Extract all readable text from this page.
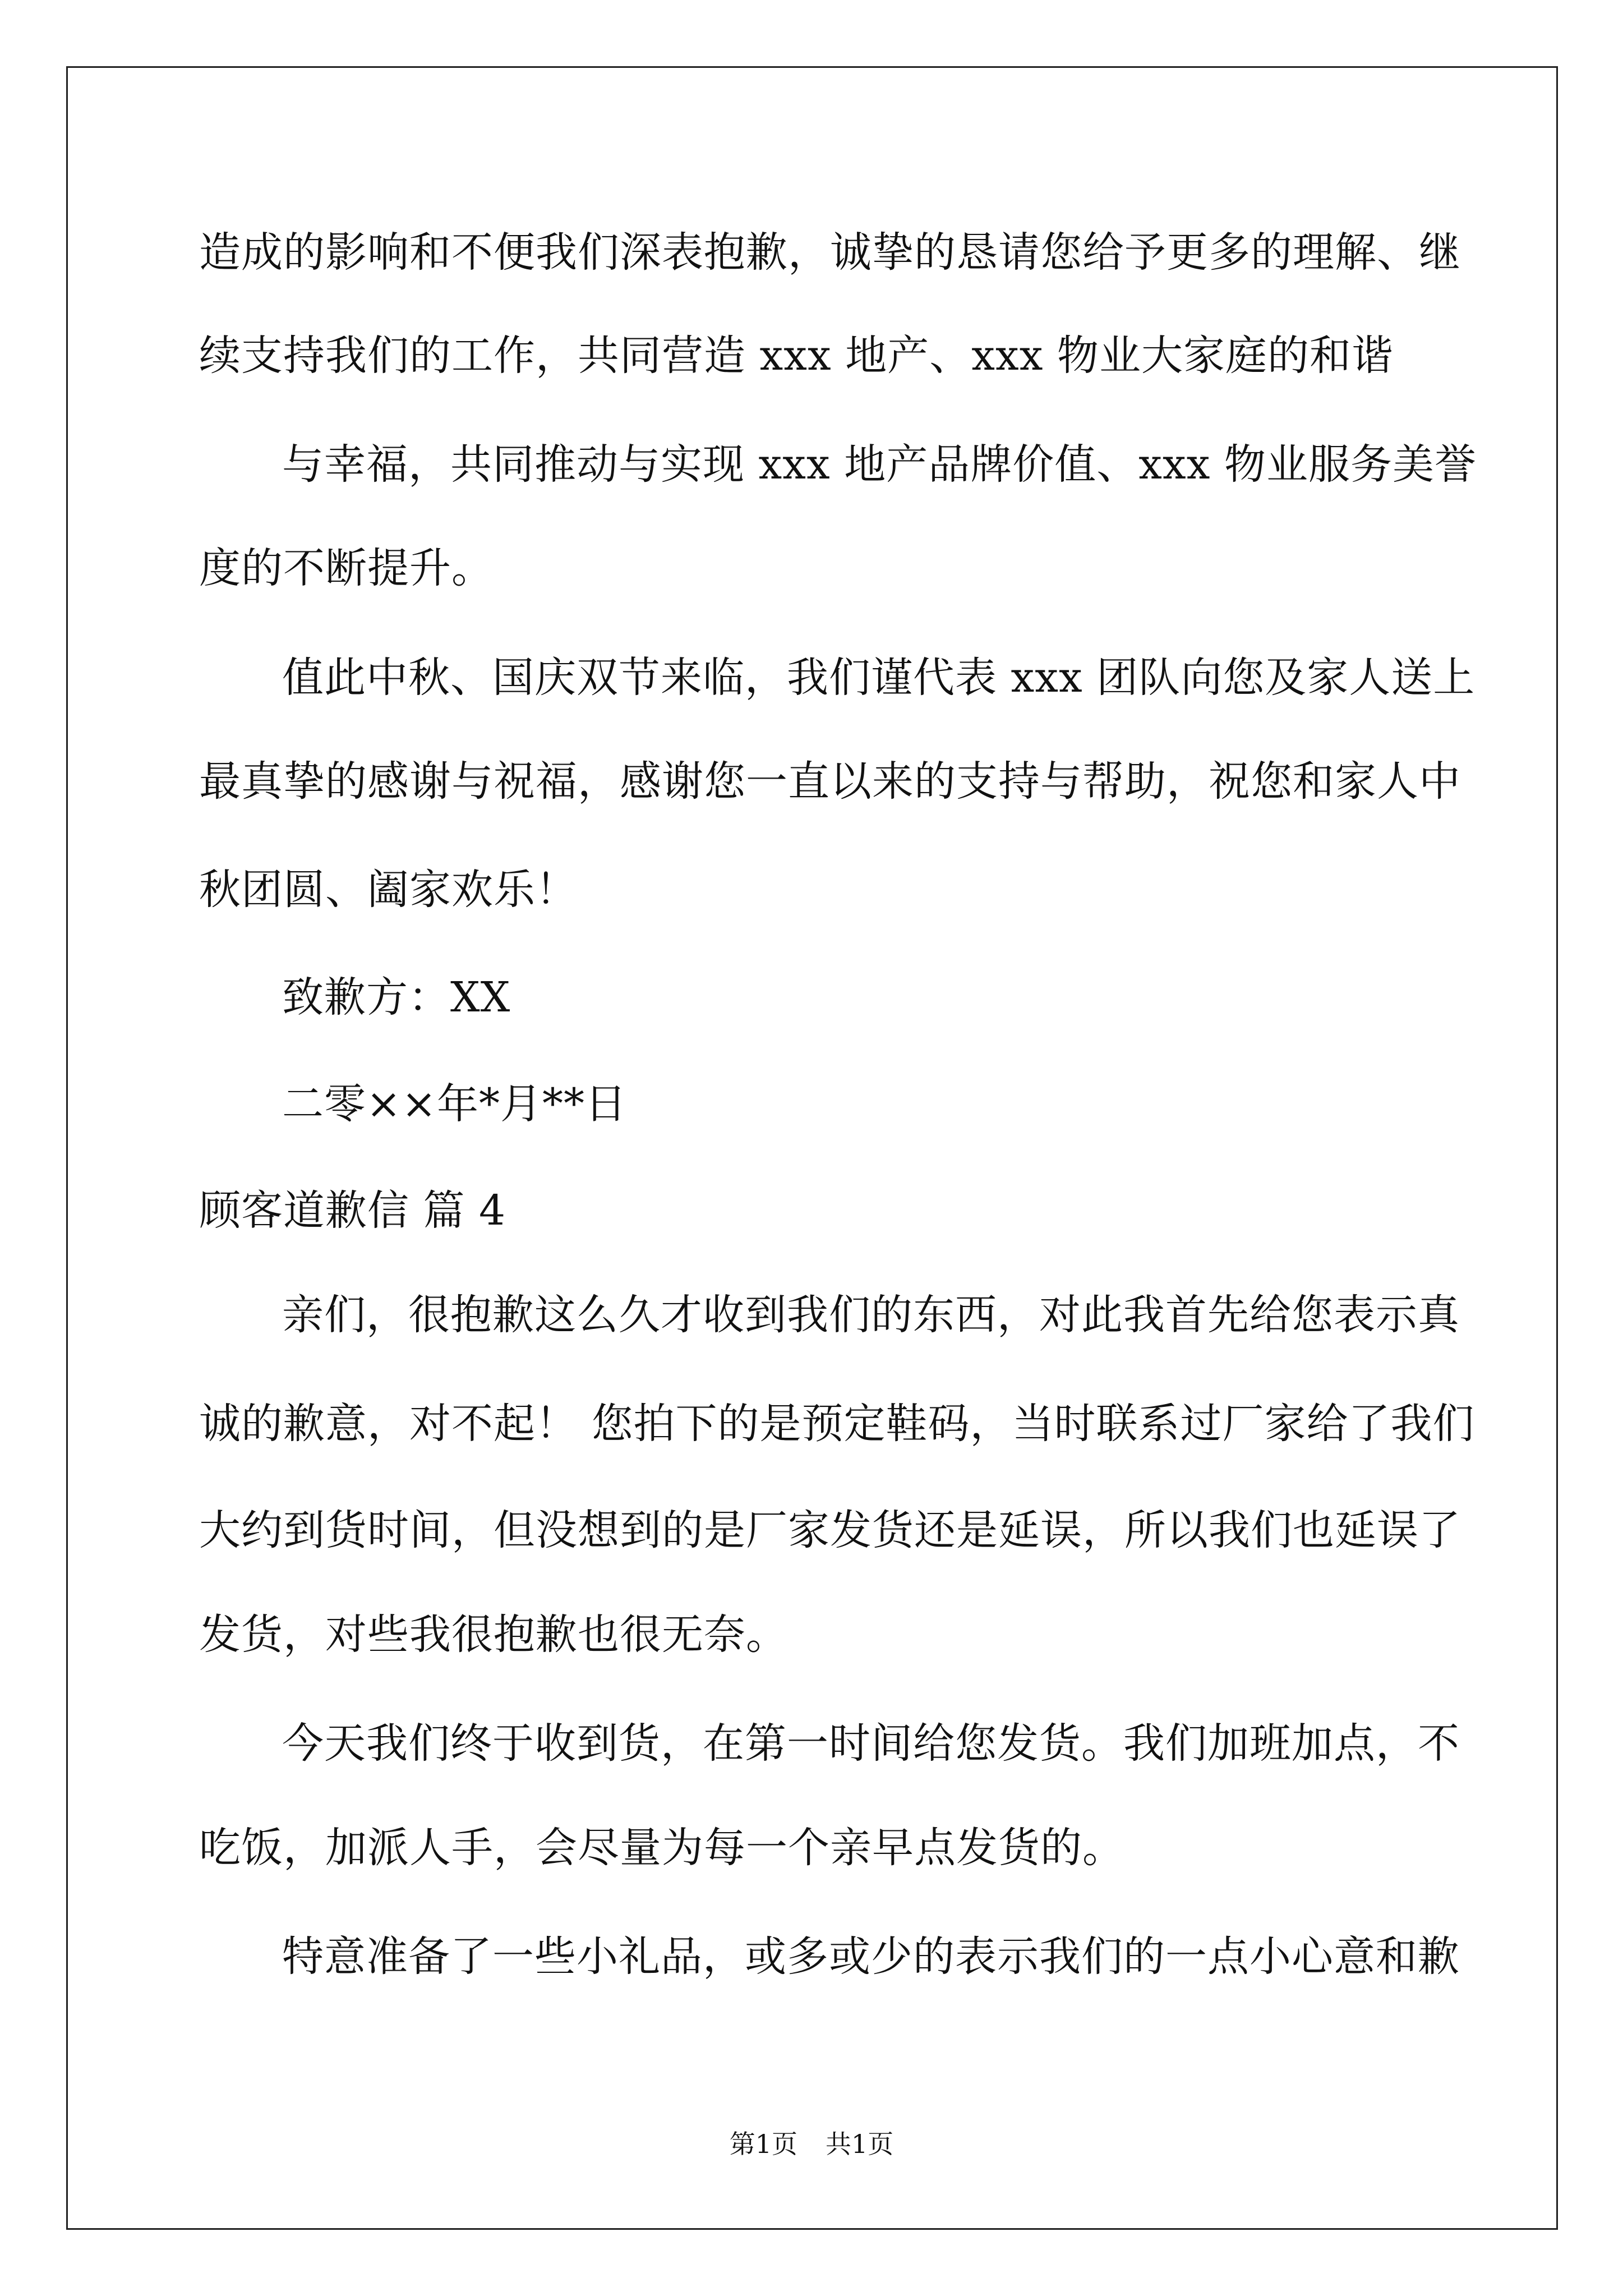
造成的影响和不便我们深表抱歉，诚挚的恳请您给予更多的理解、继
续支持我们的工作，共同营造 xxx 地产、xxx 物业大家庭的和谐
与幸福，共同推动与实现 xxx 地产品牌价值、xxx 物业服务美誉
度的不断提升。
值此中秋、国庆双节来临，我们谨代表 xxx 团队向您及家人送上
最真挚的感谢与祝福，感谢您一直以来的支持与帮助，祝您和家人中
秋团圆、阖家欢乐！
致歉方：XX
二零××年*月**日
顾客道歉信 篇 4
亲们，很抱歉这么久才收到我们的东西，对此我首先给您表示真
诚的歉意，对不起！ 您拍下的是预定鞋码，当时联系过厂家给了我们
大约到货时间，但没想到的是厂家发货还是延误，所以我们也延误了
发货，对些我很抱歉也很无奈。
今天我们终于收到货，在第一时间给您发货。我们加班加点，不
吃饭，加派人手，会尽量为每一个亲早点发货的。
特意准备了一些小礼品，或多或少的表示我们的一点小心意和歉
第1页 共1页
